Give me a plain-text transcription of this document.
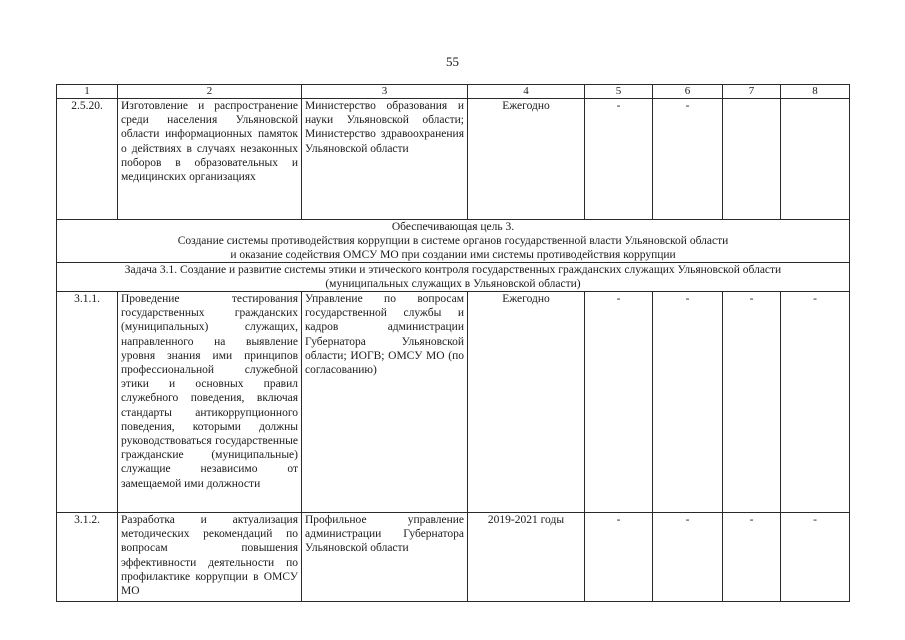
55
1	2	3	4	5	6	7	8
2.5.20.	Изготовление и распространение среди населения Ульяновской области информационных памяток о действиях в случаях незаконных поборов в образовательных и медицинских организациях	Министерство образования и науки Ульяновской области; Министерство здравоохранения Ульяновской области	Ежегодно	-	-		

Обеспечивающая цель 3.
Создание системы противодействия коррупции в системе органов государственной власти Ульяновской области
и оказание содействия ОМСУ МО при создании ими системы противодействия коррупции							

Задача 3.1. Создание и развитие системы этики и этического контроля государственных гражданских служащих Ульяновской области
(муниципальных служащих в Ульяновской области)							

3.1.1.	Проведение тестирования государственных гражданских (муниципальных) служащих, направленного на выявление уровня знания ими принципов профессиональной служебной этики и основных правил служебного поведения, включая стандарты антикоррупционного поведения, которыми должны руководствоваться государственные гражданские (муниципальные) служащие независимо от замещаемой ими должности	Управление по вопросам государственной службы и кадров администрации Губернатора Ульяновской области; ИОГВ; ОМСУ МО (по согласованию)	Ежегодно	-	-	-	-
3.1.2.	Разработка и актуализация методических рекомендаций по вопросам повышения эффективности деятельности по профилактике коррупции в ОМСУ МО	Профильное управление администрации Губернатора Ульяновской области	2019-2021 годы	-	-	-	-
